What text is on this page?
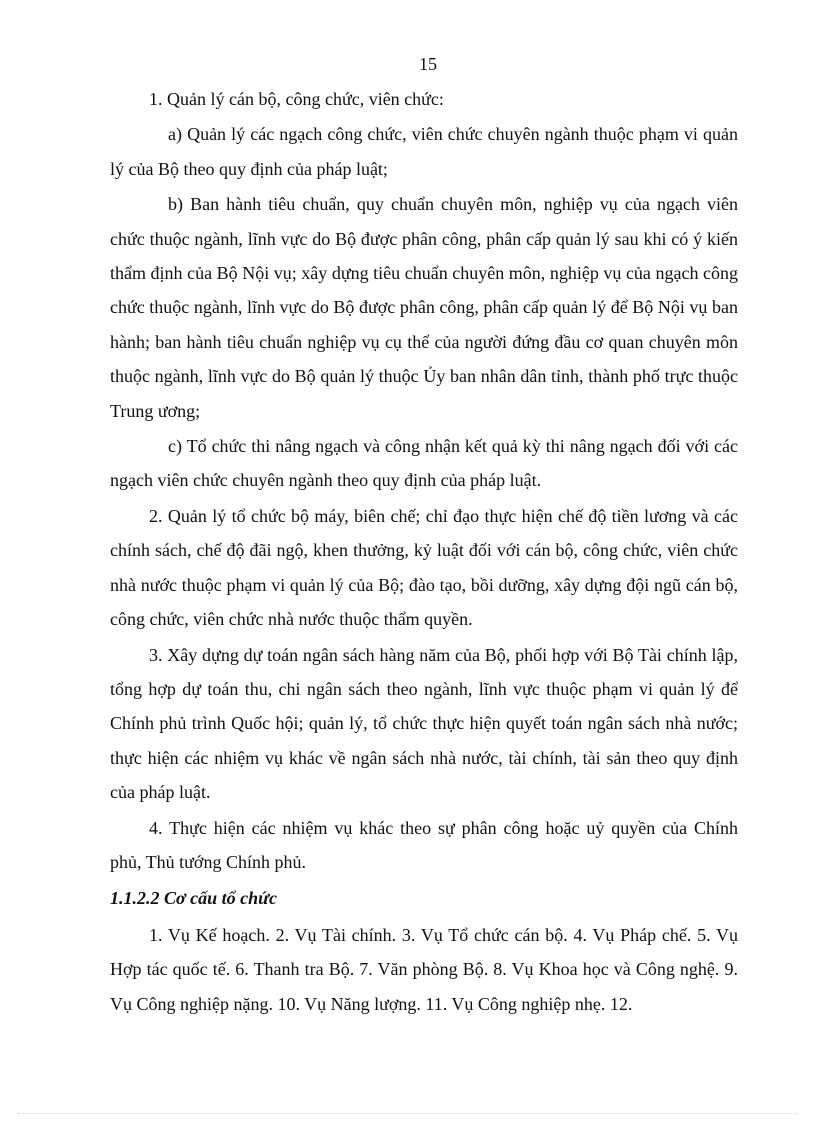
15

1. Quản lý cán bộ, công chức, viên chức:

a) Quản lý các ngạch công chức, viên chức chuyên ngành thuộc phạm vi quản lý của Bộ theo quy định của pháp luật;

b) Ban hành tiêu chuẩn, quy chuẩn chuyên môn, nghiệp vụ của ngạch viên chức thuộc ngành, lĩnh vực do Bộ được phân công, phân cấp quản lý sau khi có ý kiến thẩm định của Bộ Nội vụ; xây dựng tiêu chuẩn chuyên môn, nghiệp vụ của ngạch công chức thuộc ngành, lĩnh vực do Bộ được phân công, phân cấp quản lý để Bộ Nội vụ ban hành; ban hành tiêu chuẩn nghiệp vụ cụ thể của người đứng đầu cơ quan chuyên môn thuộc ngành, lĩnh vực do Bộ quản lý thuộc Ủy ban nhân dân tỉnh, thành phố trực thuộc Trung ương;

c) Tổ chức thi nâng ngạch và công nhận kết quả kỳ thi nâng ngạch đối với các ngạch viên chức chuyên ngành theo quy định của pháp luật.

2. Quản lý tổ chức bộ máy, biên chế; chỉ đạo thực hiện chế độ tiền lương và các chính sách, chế độ đãi ngộ, khen thưởng, kỷ luật đối với cán bộ, công chức, viên chức nhà nước thuộc phạm vi quản lý của Bộ; đào tạo, bồi dưỡng, xây dựng đội ngũ cán bộ, công chức, viên chức nhà nước thuộc thẩm quyền.

3. Xây dựng dự toán ngân sách hàng năm của Bộ, phối hợp với Bộ Tài chính lập, tổng hợp dự toán thu, chi ngân sách theo ngành, lĩnh vực thuộc phạm vi quản lý để Chính phủ trình Quốc hội; quản lý, tổ chức thực hiện quyết toán ngân sách nhà nước; thực hiện các nhiệm vụ khác về ngân sách nhà nước, tài chính, tài sản theo quy định của pháp luật.

4. Thực hiện các nhiệm vụ khác theo sự phân công hoặc uỷ quyền của Chính phủ, Thủ tướng Chính phủ.

1.1.2.2 Cơ cấu tổ chức

1. Vụ Kế hoạch. 2. Vụ Tài chính. 3. Vụ Tổ chức cán bộ. 4. Vụ Pháp chế. 5. Vụ Hợp tác quốc tế. 6. Thanh tra Bộ. 7. Văn phòng Bộ. 8. Vụ Khoa học và Công nghệ. 9. Vụ Công nghiệp nặng. 10. Vụ Năng lượng. 11. Vụ Công nghiệp nhẹ. 12.
